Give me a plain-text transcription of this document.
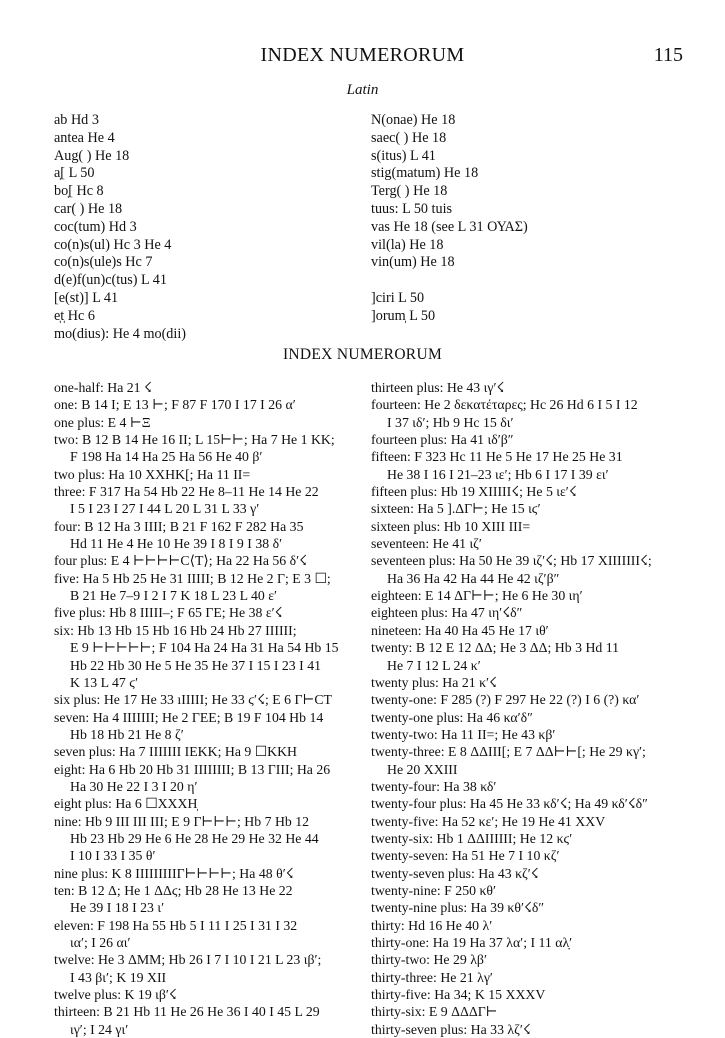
INDEX NUMERORUM	115
Latin
ab Hd 3
antea He 4
Aug( ) He 18
a̩[ L 50
bo̩[ Hc 8
car( ) He 18
coc(tum) Hd 3
co(n)s(ul) Hc 3 He 4
co(n)s(ule)s Hc 7
d(e)f(un)c(tus) L 41
[e(st)] L 41
e̩t̩ Hc 6
mo(dius): He 4 mo(dii)
N(onae) He 18
saec( ) He 18
s(itus) L 41
stig(matum) He 18
Terg( ) He 18
tuus: L 50 tuis
vas He 18 (see L 31 ΟΥΑΣ)
vil(la) He 18
vin(um) He 18
]ciri L 50
]orum̩ L 50
INDEX NUMERORUM
one-half: Ha 21 ☇
one: B 14 I; E 13 ⊢; F 87 F 170 I 17 I 26 α′
one plus: E 4 ⊢Ξ
two: B 12 B 14 He 16 II; L 15⊢⊢; Ha 7 He 1 KK;
F 198 Ha 14 Ha 25 Ha 56 He 40 β′
two plus: Ha 10 XXHK[; Ha 11 II=
three: F 317 Ha 54 Hb 22 He 8–11 He 14 He 22
I 5 I 23 I 27 I 44 L 20 L 31 L 33 γ′
four: B 12 Ha 3 IIII; B 21 F 162 F 282 Ha 35
Hd 11 He 4 He 10 He 39 I 8 I 9 I 38 δ′
four plus: E 4 ⊢⊢⊢⊢C⟨T⟩; Ha 22 Ha 56 δ′☇
five: Ha 5 Hb 25 He 31 IIIII; B 12 He 2 Γ; E 3 ☐;
B 21 He 7–9 I 2 I 7 K 18 L 23 L 40 ε′
five plus: Hb 8 IIIII–; F 65 ΓE; He 38 ε′☇
six: Hb 13 Hb 15 Hb 16 Hb 24 Hb 27 IIIIII;
E 9 ⊢⊢⊢⊢⊢; F 104 Ha 24 Ha 31 Ha 54 Hb 15
Hb 22 Hb 30 He 5 He 35 He 37 I 15 I 23 I 41
K 13 L 47 ϛ′
six plus: He 17 He 33 ıIIIII; He 33 ϛ′☇; E 6 Γ⊢CT
seven: Ha 4 IIIIIII; He 2 ΓEE; B 19 F 104 Hb 14
Hb 18 Hb 21 He 8 ζ′
seven plus: Ha 7 IIIIIII IEKK; Ha 9 ☐KKH
eight: Ha 6 Hb 20 Hb 31 IIIIIIII; B 13 ΓIII; Ha 26
Ha 30 He 22 I 3 I 20 η′
eight plus: Ha 6 ☐XXXH̩
nine: Hb 9 III III III; E 9 Γ⊢⊢⊢; Hb 7 Hb 12
Hb 23 Hb 29 He 6 He 28 He 29 He 32 He 44
I 10 I 33 I 35 θ′
nine plus: K 8 IIIIIIIIIΓ⊢⊢⊢⊢; Ha 48 θ′☇
ten: B 12 Δ; He 1 ΔΔϛ; Hb 28 He 13 He 22
He 39 I 18 I 23 ι′
eleven: F 198 Ha 55 Hb 5 I 11 I 25 I 31 I 32
ια′; I 26 αι′
twelve: He 3 ΔMM; Hb 26 I 7 I 10 I 21 L 23 ιβ′;
I 43 βι′; K 19 XII
twelve plus: K 19 ιβ′☇
thirteen: B 21 Hb 11 He 26 He 36 I 40 I 45 L 29
ιγ′; I 24 γι′
thirteen plus: He 43 ιγ′☇
fourteen: He 2 δεκατέταρες; Hc 26 Hd 6 I 5 I 12
I 37 ιδ′; Hb 9 Hc 15 δι′
fourteen plus: Ha 41 ιδ′β″
fifteen: F 323 Hc 11 He 5 He 17 He 25 He 31
He 38 I 16 I 21–23 ιε′; Hb 6 I 17 I 39 ει′
fifteen plus: Hb 19 XIIIII☇; He 5 ιε′☇
sixteen: Ha 5 ].ΔΓ⊢; He 15 ιϛ′
sixteen plus: Hb 10 XIII III=
seventeen: He 41 ιζ′
seventeen plus: Ha 50 He 39 ιζ′☇; Hb 17 XIIIIIII☇;
Ha 36 Ha 42 Ha 44 He 42 ιζ′β″
eighteen: E 14 ΔΓ⊢⊢; He 6 He 30 ιη′
eighteen plus: Ha 47 ιη′☇δ″
nineteen: Ha 40 Ha 45 He 17 ιθ′
twenty: B 12 E 12 ΔΔ; He 3 ΔΔ; Hb 3 Hd 11
He 7 I 12 L 24 κ′
twenty plus: Ha 21 κ′☇
twenty-one: F 285 (?) F 297 He 22 (?) I 6 (?) κα′
twenty-one plus: Ha 46 κα′δ″
twenty-two: Ha 11 II=; He 43 κβ′
twenty-three: E 8 ΔΔIII[; E 7 ΔΔ⊢⊢[; He 29 κγ′;
He 20 XXIII
twenty-four: Ha 38 κδ′
twenty-four plus: Ha 45 He 33 κδ′☇; Ha 49 κδ′☇δ″
twenty-five: Ha 52 κε′; He 19 He 41 XXV
twenty-six: Hb 1 ΔΔIIIIII; He 12 κϛ′
twenty-seven: Ha 51 He 7 I 10 κζ′
twenty-seven plus: Ha 43 κζ′☇
twenty-nine: F 250 κθ′
twenty-nine plus: Ha 39 κθ′☇δ″
thirty: Hd 16 He 40 λ′
thirty-one: Ha 19 Ha 37 λα′; I 11 αλ̣′
thirty-two: He 29 λβ′
thirty-three: He 21 λγ′
thirty-five: Ha 34; K 15 XXXV
thirty-six: E 9 ΔΔΔΓ⊢
thirty-seven plus: Ha 33 λζ′☇
